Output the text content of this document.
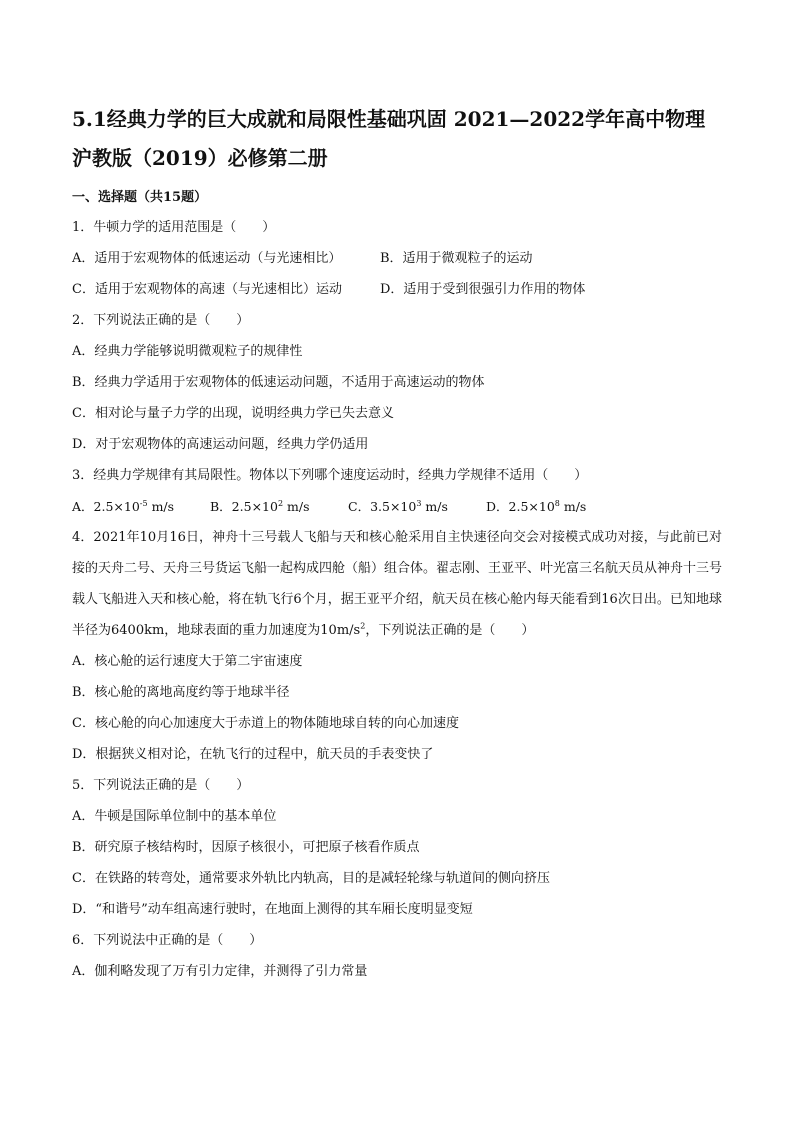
5.1经典力学的巨大成就和局限性基础巩固 2021—2022学年高中物理
沪教版（2019）必修第二册
一、选择题（共15题）
1．牛顿力学的适用范围是（　　）
A．适用于宏观物体的低速运动（与光速相比）	B．适用于微观粒子的运动
C．适用于宏观物体的高速（与光速相比）运动	D．适用于受到很强引力作用的物体
2．下列说法正确的是（　　）
A．经典力学能够说明微观粒子的规律性
B．经典力学适用于宏观物体的低速运动问题，不适用于高速运动的物体
C．相对论与量子力学的出现，说明经典力学已失去意义
D．对于宏观物体的高速运动问题，经典力学仍适用
3．经典力学规律有其局限性。物体以下列哪个速度运动时，经典力学规律不适用（　　）
A．$2.5\times 10^{-5}$ m/s	B．$2.5\times 10^2$ m/s	C．$3.5\times 10^3$ m/s	D．$2.5\times 10^8$ m/s
4．2021年10月16日，神舟十三号载人飞船与天和核心舱采用自主快速径向交会对接模式成功对接，与此前已对接的天舟二号、天舟三号货运飞船一起构成四舱（船）组合体。翟志刚、王亚平、叶光富三名航天员从神舟十三号载人飞船进入天和核心舱，将在轨飞行6个月，据王亚平介绍，航天员在核心舱内每天能看到16次日出。已知地球半径为6400km，地球表面的重力加速度为$10m/s^2$，下列说法正确的是（　　）
A．核心舱的运行速度大于第二宇宙速度
B．核心舱的离地高度约等于地球半径
C．核心舱的向心加速度大于赤道上的物体随地球自转的向心加速度
D．根据狭义相对论，在轨飞行的过程中，航天员的手表变快了
5．下列说法正确的是（　　）
A．牛顿是国际单位制中的基本单位
B．研究原子核结构时，因原子核很小，可把原子核看作质点
C．在铁路的转弯处，通常要求外轨比内轨高，目的是减轻轮缘与轨道间的侧向挤压
D．“和谐号”动车组高速行驶时，在地面上测得的其车厢长度明显变短
6．下列说法中正确的是（　　）
A．伽利略发现了万有引力定律，并测得了引力常量
